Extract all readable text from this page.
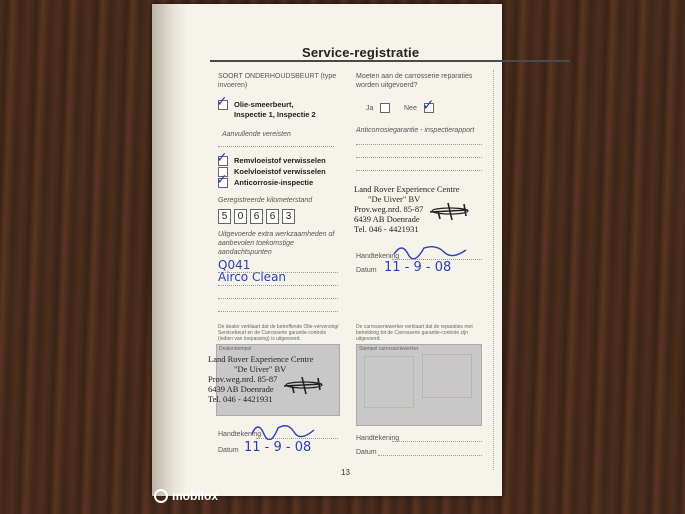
Service-registratie
SOORT ONDERHOUDSBEURT (type invoeren)
✓ Olie-smeerbeurt,
Inspectie 1, Inspectie 2
Aanvullende vereisten
✓ Remvloeistof verwisselen
Koelvloeistof verwisselen
✓ Anticorrosie-inspectie
Geregistreerde kilometerstand
5	0	6	6	3
Uitgevoerde extra werkzaamheden of aanbevolen toekomstige aandachtspunten
Q041
Airco Clean
De dealer verklaart dat de betreffende Olie-verversing/ Servicebeurt en de Carrosserie garantie-controle (indien van toepassing) is uitgevoerd.
Dealerstempel
Land Rover Experience Centre
"De Uiver" BV
Prov.weg.nrd. 85-87
6439 AB Doenrade
Tel. 046 - 4421931
Handtekening
Datum 11 - 9 - 08
Moeten aan de carrosserie reparaties worden uitgevoerd?
Ja	Nee ✓
Anticorrosiegarantie - inspectierapport
Land Rover Experience Centre
"De Uiver" BV
Prov.weg.nrd. 85-87
6439 AB Doenrade
Tel. 046 - 4421931
Handtekening
Datum 11 - 9 - 08
De carrosseriewerker verklaart dat de reparaties met betrekking tot de Carrosserie garantie-controle zijn uitgevoerd.
Stempel carrosseriewerker
Handtekening
Datum
13
mobilox
